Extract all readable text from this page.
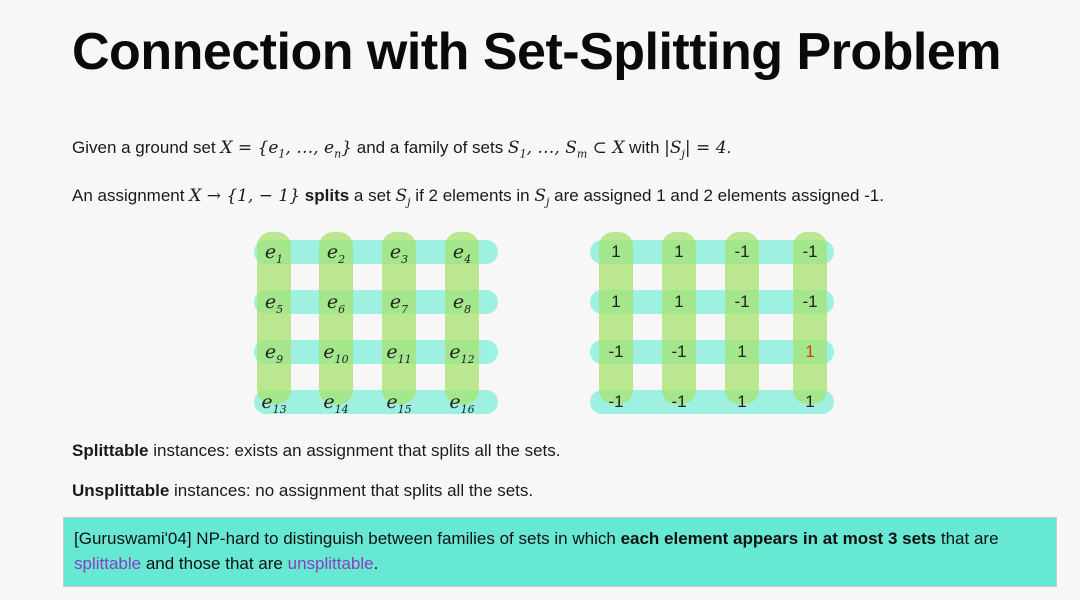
Connection with Set-Splitting Problem
Given a ground set $X = \{e_1$, …, $e_n$} and a family of sets $S_1$, …, $S_m$ ⊂ X with $|S_j| = 4$.
An assignment X → {1, − 1} splits a set $S_j$ if 2 elements in $S_j$ are assigned 1 and 2 elements assigned -1.
$e_1$	$e_2$	$e_3$	$e_4$
$e_5$	$e_6$	$e_7$	$e_8$
$e_9$	$e_{10}$	$e_{11}$	$e_{12}$
$e_{13}$	$e_{14}$	$e_{15}$	$e_{16}$
1	1	-1	-1
1	1	-1	-1
-1	-1	1	1
-1	-1	1	1
Splittable instances: exists an assignment that splits all the sets.
Unsplittable instances: no assignment that splits all the sets.
[Guruswami'04] NP-hard to distinguish between families of sets in which each element appears in at most 3 sets that are splittable and those that are unsplittable.
